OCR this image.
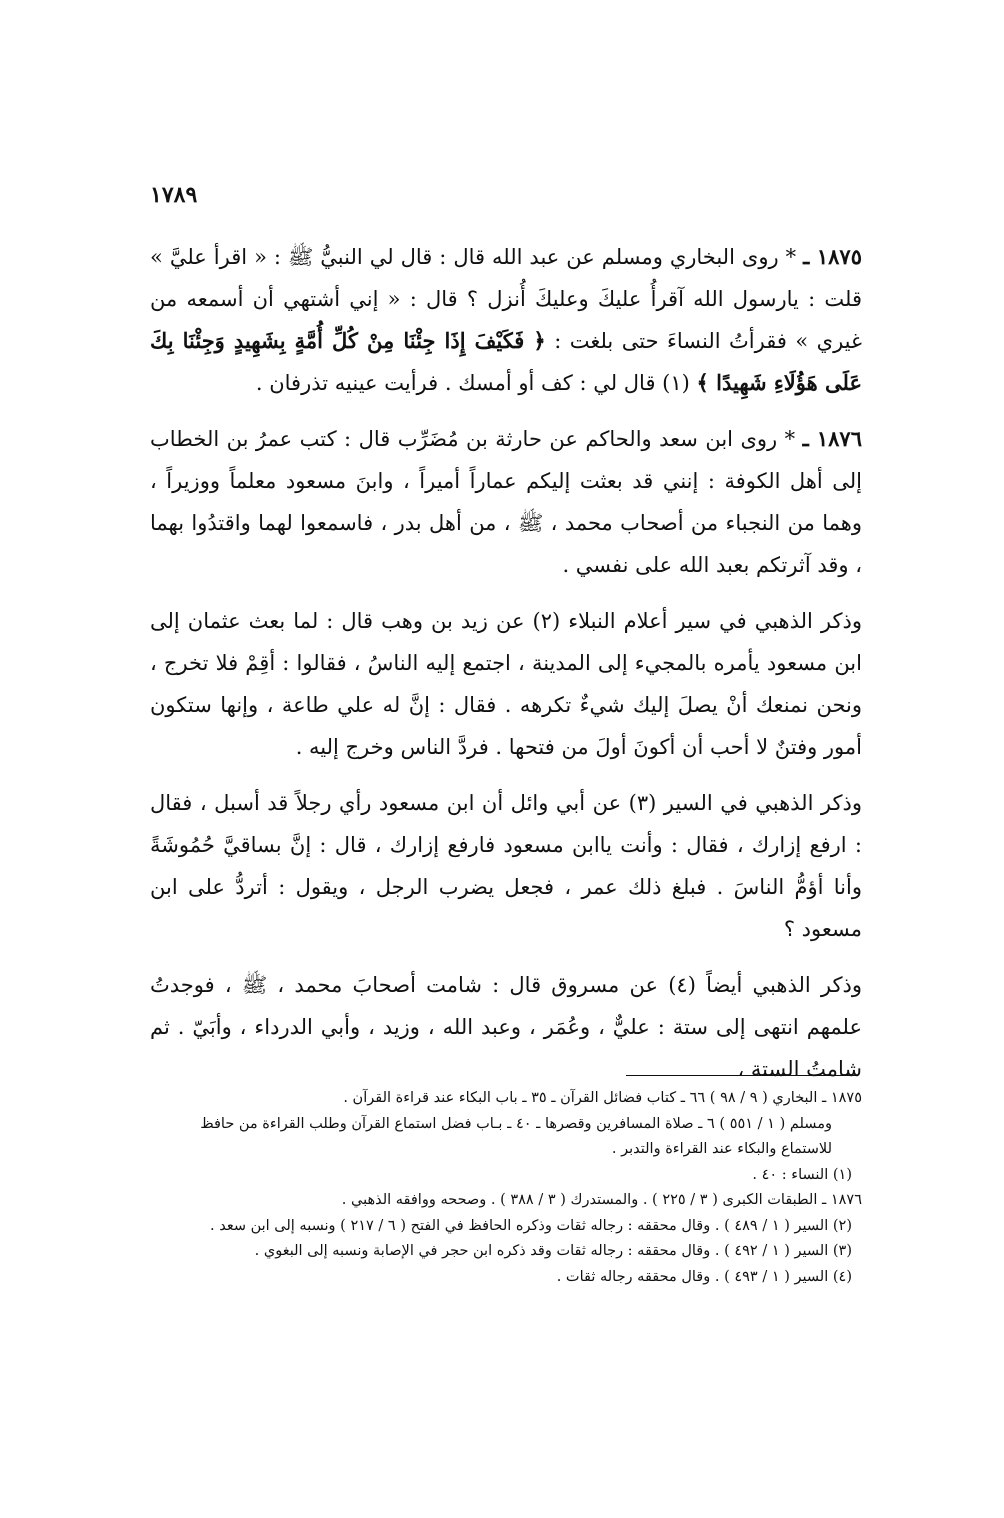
١٧٨٩

١٨٧٥ ـ * روى البخاري ومسلم عن عبد الله قال : قال لي النبيُّ ﷺ : « اقرأ عليَّ » قلت : يارسول الله آقرأُ عليكَ وعليكَ أُنزل ؟ قال : « إني أشتهي أن أسمعه من غيري » فقرأتُ النساءَ حتى بلغت : ﴿ فَكَيْفَ إِذَا جِئْنَا مِنْ كُلِّ أُمَّةٍ بِشَهِيدٍ وَجِئْنَا بِكَ عَلَى هَؤُلَاءِ شَهِيدًا ﴾ (١) قال لي : كف أو أمسك . فرأيت عينيه تذرفان .

١٨٧٦ ـ * روى ابن سعد والحاكم عن حارثة بن مُضَرِّب قال : كتب عمرُ بن الخطاب إلى أهل الكوفة : إنني قد بعثت إليكم عماراً أميراً ، وابنَ مسعود معلماً ووزيراً ، وهما من النجباء من أصحاب محمد ، ﷺ ، من أهل بدر ، فاسمعوا لهما واقتدُوا بهما ، وقد آثرتكم بعبد الله على نفسي .

وذكر الذهبي في سير أعلام النبلاء (٢) عن زيد بن وهب قال : لما بعث عثمان إلى ابن مسعود يأمره بالمجيء إلى المدينة ، اجتمع إليه الناسُ ، فقالوا : أقِمْ فلا تخرج ، ونحن نمنعك أنْ يصلَ إليك شيءٌ تكرهه . فقال : إنَّ له علي طاعة ، وإنها ستكون أمور وفتنٌ لا أحب أن أكونَ أولَ من فتحها . فردَّ الناس وخرج إليه .

وذكر الذهبي في السير (٣) عن أبي وائل أن ابن مسعود رأي رجلاً قد أسبل ، فقال : ارفع إزارك ، فقال : وأنت ياابن مسعود فارفع إزارك ، قال : إنَّ بساقيَّ حُمُوشَةً وأنا أؤمُّ الناسَ . فبلغ ذلك عمر ، فجعل يضرب الرجل ، ويقول : أتردُّ على ابن مسعود ؟

وذكر الذهبي أيضاً (٤) عن مسروق قال : شامت أصحابَ محمد ، ﷺ ، فوجدتُ علمهم انتهى إلى ستة : عليٌّ ، وعُمَر ، وعبد الله ، وزيد ، وأبي الدرداء ، وأبَيّ . ثم شامتُ الستة ،

١٨٧٥ ـ البخاري ( ٩ / ٩٨ ) ٦٦ ـ كتاب فضائل القرآن ـ ٣٥ ـ باب البكاء عند قراءة القرآن .

ومسلم ( ١ / ٥٥١ ) ٦ ـ صلاة المسافرين وقصرها ـ ٤٠ ـ بـاب فضل استماع القرآن وطلب القراءة من حافظ للاستماع والبكاء عند القراءة والتدبر .

(١) النساء : ٤٠ .

١٨٧٦ ـ الطبقات الكبرى ( ٣ / ٢٢٥ ) . والمستدرك ( ٣ / ٣٨٨ ) . وصححه ووافقه الذهبي .

(٢) السير ( ١ / ٤٨٩ ) . وقال محققه : رجاله ثقات وذكره الحافظ في الفتح ( ٦ / ٢١٧ ) ونسبه إلى ابن سعد .

(٣) السير ( ١ / ٤٩٢ ) . وقال محققه : رجاله ثقات وقد ذكره ابن حجر في الإصابة ونسبه إلى البغوي .

(٤) السير ( ١ / ٤٩٣ ) . وقال محققه رجاله ثقات .
